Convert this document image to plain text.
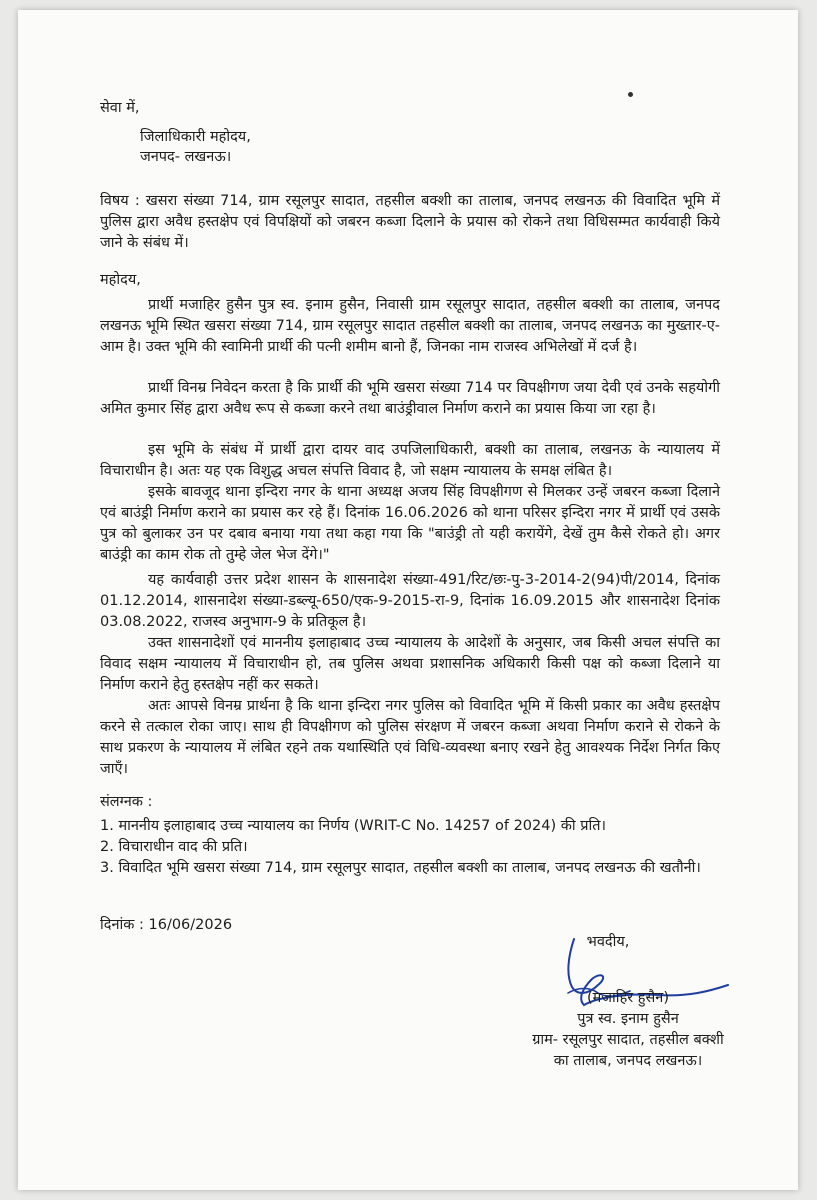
सेवा में,
जिलाधिकारी महोदय,
जनपद- लखनऊ।
विषय : खसरा संख्या 714, ग्राम रसूलपुर सादात, तहसील बक्शी का तालाब, जनपद लखनऊ की विवादित भूमि में पुलिस द्वारा अवैध हस्तक्षेप एवं विपक्षियों को जबरन कब्जा दिलाने के प्रयास को रोकने तथा विधिसम्मत कार्यवाही किये जाने के संबंध में।
महोदय,
प्रार्थी मजाहिर हुसैन पुत्र स्व. इनाम हुसैन, निवासी ग्राम रसूलपुर सादात, तहसील बक्शी का तालाब, जनपद लखनऊ भूमि स्थित खसरा संख्या 714, ग्राम रसूलपुर सादात तहसील बक्शी का तालाब, जनपद लखनऊ का मुख्तार-ए-आम है। उक्त भूमि की स्वामिनी प्रार्थी की पत्नी शमीम बानो हैं, जिनका नाम राजस्व अभिलेखों में दर्ज है।
प्रार्थी विनम्र निवेदन करता है कि प्रार्थी की भूमि खसरा संख्या 714 पर विपक्षीगण जया देवी एवं उनके सहयोगी अमित कुमार सिंह द्वारा अवैध रूप से कब्जा करने तथा बाउंड्रीवाल निर्माण कराने का प्रयास किया जा रहा है।
इस भूमि के संबंध में प्रार्थी द्वारा दायर वाद उपजिलाधिकारी, बक्शी का तालाब, लखनऊ के न्यायालय में विचाराधीन है। अतः यह एक विशुद्ध अचल संपत्ति विवाद है, जो सक्षम न्यायालय के समक्ष लंबित है।
इसके बावजूद थाना इन्दिरा नगर के थाना अध्यक्ष अजय सिंह विपक्षीगण से मिलकर उन्हें जबरन कब्जा दिलाने एवं बाउंड्री निर्माण कराने का प्रयास कर रहे हैं। दिनांक 16.06.2026 को थाना परिसर इन्दिरा नगर में प्रार्थी एवं उसके पुत्र को बुलाकर उन पर दबाव बनाया गया तथा कहा गया कि "बाउंड्री तो यही करायेंगे, देखें तुम कैसे रोकते हो। अगर बाउंड्री का काम रोक तो तुम्हे जेल भेज देंगे।"
यह कार्यवाही उत्तर प्रदेश शासन के शासनादेश संख्या-491/रिट/छः-पु-3-2014-2(94)पी/2014, दिनांक 01.12.2014, शासनादेश संख्या-डब्ल्यू-650/एक-9-2015-रा-9, दिनांक 16.09.2015 और शासनादेश दिनांक 03.08.2022, राजस्व अनुभाग-9 के प्रतिकूल है।
उक्त शासनादेशों एवं माननीय इलाहाबाद उच्च न्यायालय के आदेशों के अनुसार, जब किसी अचल संपत्ति का विवाद सक्षम न्यायालय में विचाराधीन हो, तब पुलिस अथवा प्रशासनिक अधिकारी किसी पक्ष को कब्जा दिलाने या निर्माण कराने हेतु हस्तक्षेप नहीं कर सकते।
अतः आपसे विनम्र प्रार्थना है कि थाना इन्दिरा नगर पुलिस को विवादित भूमि में किसी प्रकार का अवैध हस्तक्षेप करने से तत्काल रोका जाए। साथ ही विपक्षीगण को पुलिस संरक्षण में जबरन कब्जा अथवा निर्माण कराने से रोकने के साथ प्रकरण के न्यायालय में लंबित रहने तक यथास्थिति एवं विधि-व्यवस्था बनाए रखने हेतु आवश्यक निर्देश निर्गत किए जाएँ।
संलग्नक :
1. माननीय इलाहाबाद उच्च न्यायालय का निर्णय (WRIT-C No. 14257 of 2024) की प्रति।
2. विचाराधीन वाद की प्रति।
3. विवादित भूमि खसरा संख्या 714, ग्राम रसूलपुर सादात, तहसील बक्शी का तालाब, जनपद लखनऊ की खतौनी।
दिनांक : 16/06/2026
भवदीय,
(मजाहिर हुसैन)
पुत्र स्व. इनाम हुसैन
ग्राम- रसूलपुर सादात, तहसील बक्शी
का तालाब, जनपद लखनऊ।
